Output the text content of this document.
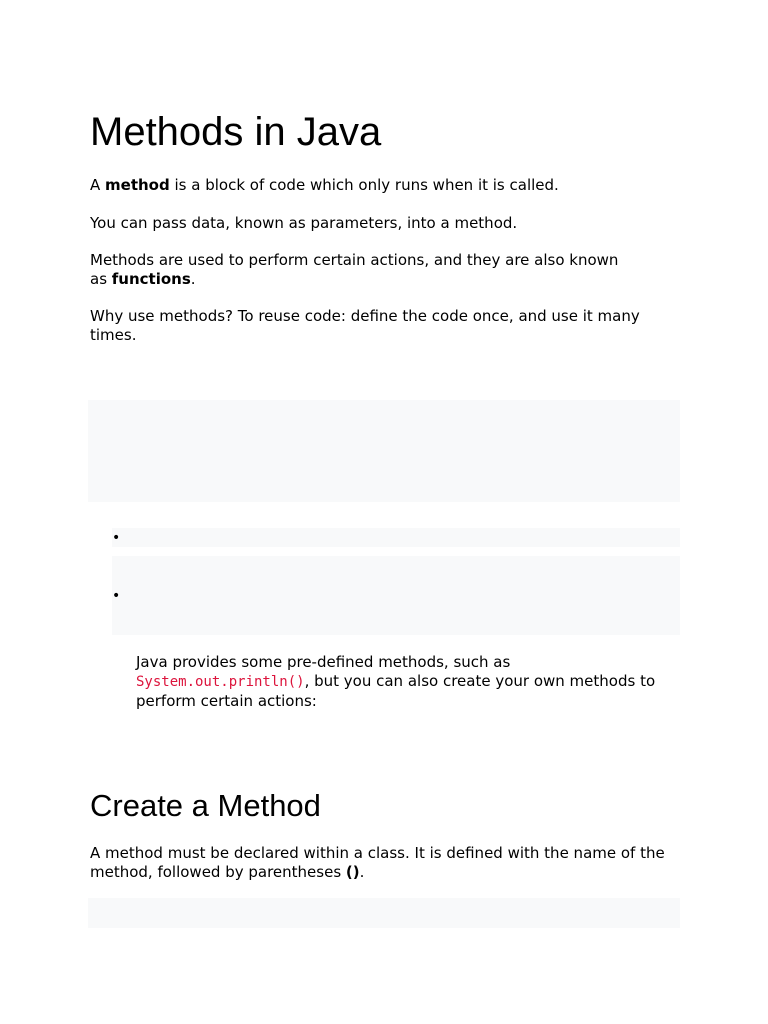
Methods in Java

A method is a block of code which only runs when it is called.

You can pass data, known as parameters, into a method.

Methods are used to perform certain actions, and they are also known as functions.

Why use methods? To reuse code: define the code once, and use it many times.

•
•

Java provides some pre-defined methods, such as System.out.println(), but you can also create your own methods to perform certain actions:

Create a Method

A method must be declared within a class. It is defined with the name of the method, followed by parentheses ().
